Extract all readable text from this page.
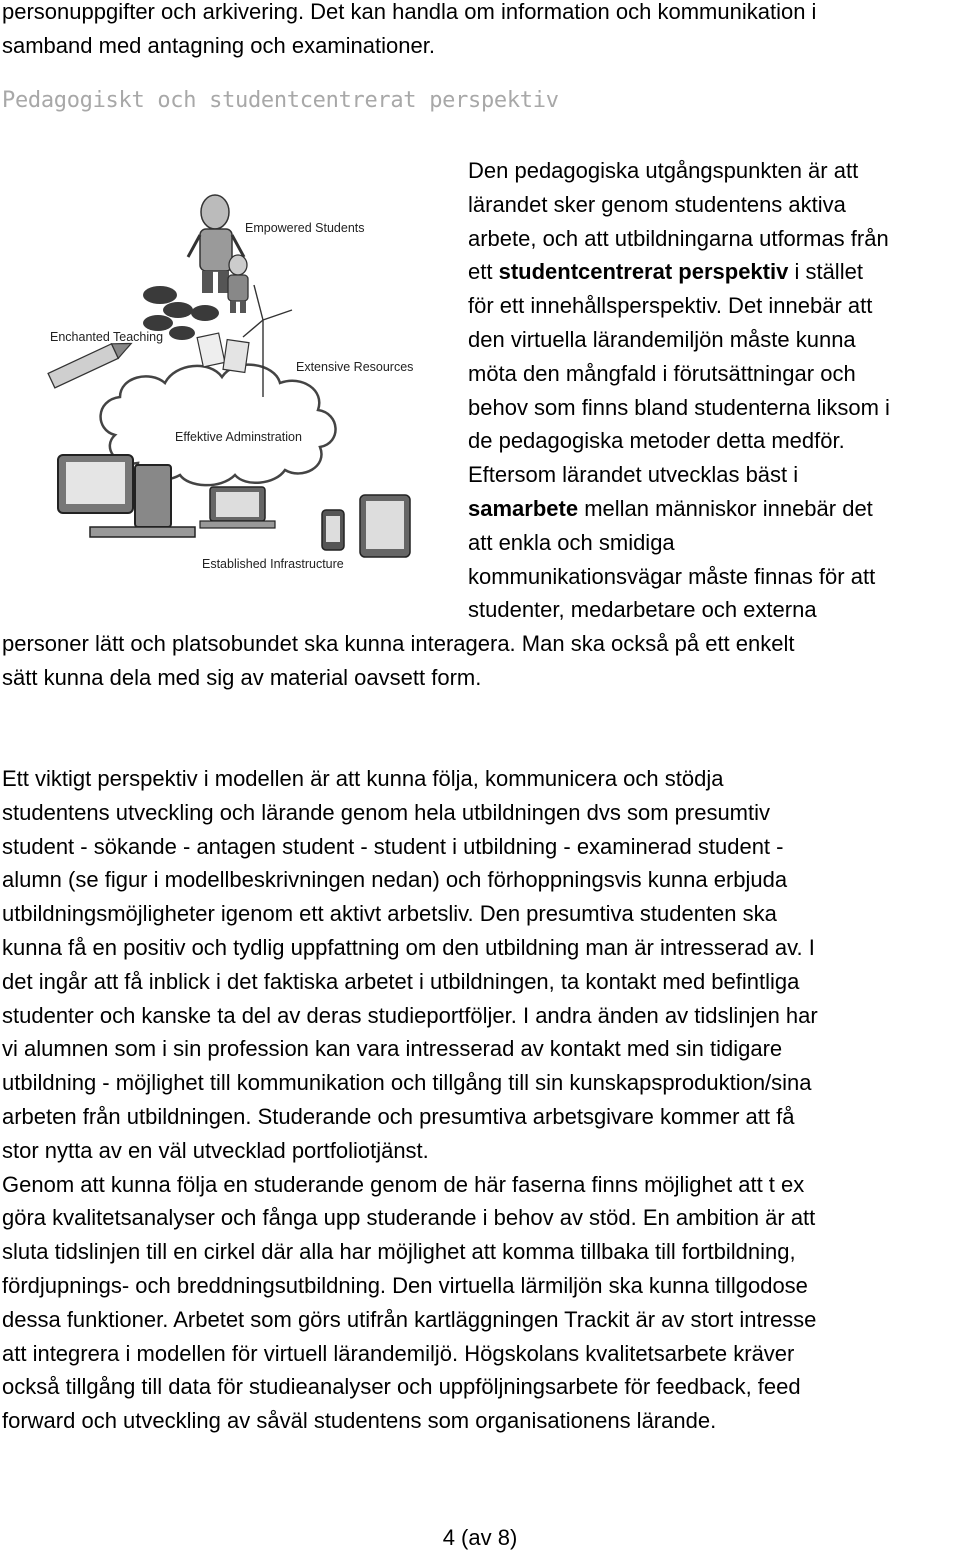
personuppgifter och arkivering. Det kan handla om information och kommunikation i

samband med antagning och examinationer.

Pedagogiskt och studentcentrerat perspektiv
Empowered Students
Enchanted Teaching
Extensive Resources
Effektive Adminstration
Established Infrastructure

Den pedagogiska utgångspunkten är att
lärandet sker genom studentens aktiva
arbete, och att utbildningarna utformas från
ett studentcentrerat perspektiv i stället
för ett innehållsperspektiv. Det innebär att
den virtuella lärandemiljön måste kunna
möta den mångfald i förutsättningar och
behov som finns bland studenterna liksom i
de pedagogiska metoder detta medför.
Eftersom lärandet utvecklas bäst i
samarbete mellan människor innebär det
att enkla och smidiga
kommunikationsvägar måste finnas för att
studenter, medarbetare och externa

personer lätt och platsobundet ska kunna interagera. Man ska också på ett enkelt
sätt kunna dela med sig av material oavsett form.

Ett viktigt perspektiv i modellen är att kunna följa, kommunicera och stödja
studentens utveckling och lärande genom hela utbildningen dvs som presumtiv
student - sökande - antagen student - student i utbildning - examinerad student -
alumn (se figur i modellbeskrivningen nedan) och förhoppningsvis kunna erbjuda
utbildningsmöjligheter igenom ett aktivt arbetsliv. Den presumtiva studenten ska
kunna få en positiv och tydlig uppfattning om den utbildning man är intresserad av. I
det ingår att få inblick i det faktiska arbetet i utbildningen, ta kontakt med befintliga
studenter och kanske ta del av deras studieportföljer. I andra änden av tidslinjen har
vi alumnen som i sin profession kan vara intresserad av kontakt med sin tidigare
utbildning - möjlighet till kommunikation och tillgång till sin kunskapsproduktion/sina
arbeten från utbildningen. Studerande och presumtiva arbetsgivare kommer att få
stor nytta av en väl utvecklad portfoliotjänst.
Genom att kunna följa en studerande genom de här faserna finns möjlighet att t ex
göra kvalitetsanalyser och fånga upp studerande i behov av stöd. En ambition är att
sluta tidslinjen till en cirkel där alla har möjlighet att komma tillbaka till fortbildning,
fördjupnings- och breddningsutbildning. Den virtuella lärmiljön ska kunna tillgodose
dessa funktioner. Arbetet som görs utifrån kartläggningen Trackit är av stort intresse
att integrera i modellen för virtuell lärandemiljö. Högskolans kvalitetsarbete kräver
också tillgång till data för studieanalyser och uppföljningsarbete för feedback, feed
forward och utveckling av såväl studentens som organisationens lärande.

4 (av 8)
